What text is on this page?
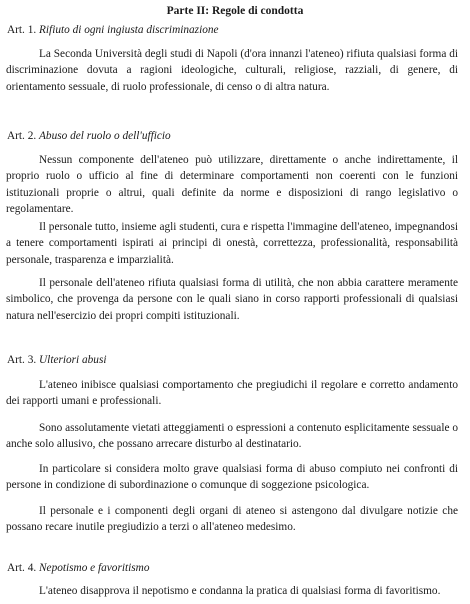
Parte II: Regole di condotta
Art. 1. Rifiuto di ogni ingiusta discriminazione
La Seconda Università degli studi di Napoli (d'ora innanzi l'ateneo) rifiuta qualsiasi forma di discriminazione dovuta a ragioni ideologiche, culturali, religiose, razziali, di genere, di orientamento sessuale, di ruolo professionale, di censo o di altra natura.
Art. 2. Abuso del ruolo o dell'ufficio
Nessun componente dell'ateneo può utilizzare, direttamente o anche indirettamente, il proprio ruolo o ufficio al fine di determinare comportamenti non coerenti con le funzioni istituzionali proprie o altrui, quali definite da norme e disposizioni di rango legislativo o regolamentare.
Il personale tutto, insieme agli studenti, cura e rispetta l'immagine dell'ateneo, impegnandosi a tenere comportamenti ispirati ai principi di onestà, correttezza, professionalità, responsabilità personale, trasparenza e imparzialità.
Il personale dell'ateneo rifiuta qualsiasi forma di utilità, che non abbia carattere meramente simbolico, che provenga da persone con le quali siano in corso rapporti professionali di qualsiasi natura nell'esercizio dei propri compiti istituzionali.
Art. 3. Ulteriori abusi
L'ateneo inibisce qualsiasi comportamento che pregiudichi il regolare e corretto andamento dei rapporti umani e professionali.
Sono assolutamente vietati atteggiamenti o espressioni a contenuto esplicitamente sessuale o anche solo allusivo, che possano arrecare disturbo al destinatario.
In particolare si considera molto grave qualsiasi forma di abuso compiuto nei confronti di persone in condizione di subordinazione o comunque di soggezione psicologica.
Il personale e i componenti degli organi di ateneo si astengono dal divulgare notizie che possano recare inutile pregiudizio a terzi o all'ateneo medesimo.
Art. 4. Nepotismo e favoritismo
L'ateneo disapprova il nepotismo e condanna la pratica di qualsiasi forma di favoritismo.
